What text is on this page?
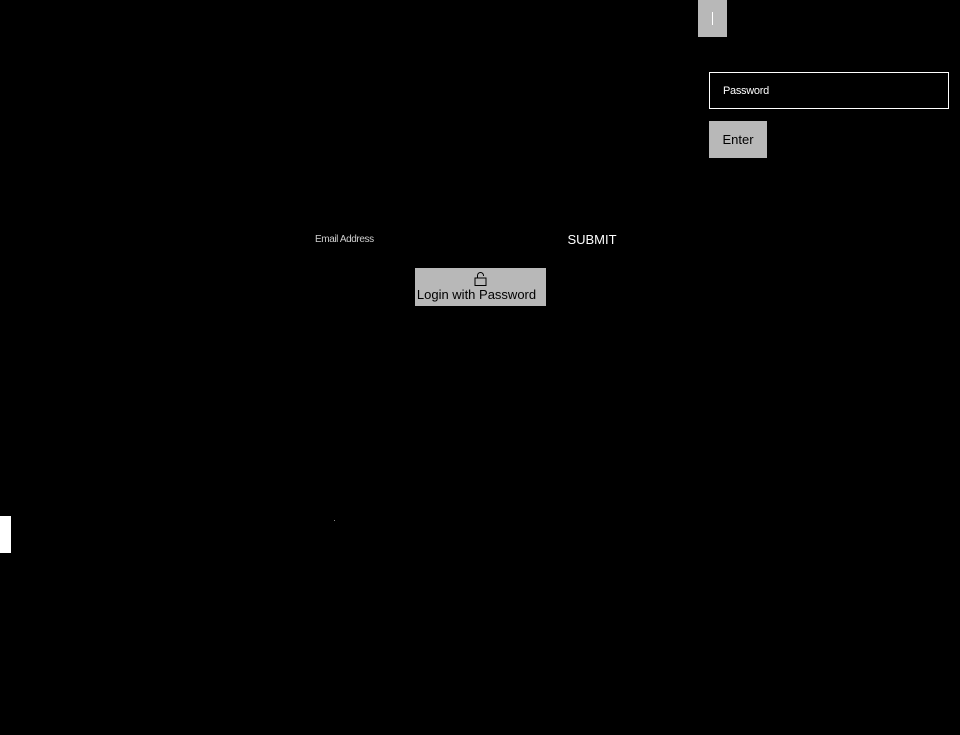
Enter
Email Address
SUBMIT
Login with Password
